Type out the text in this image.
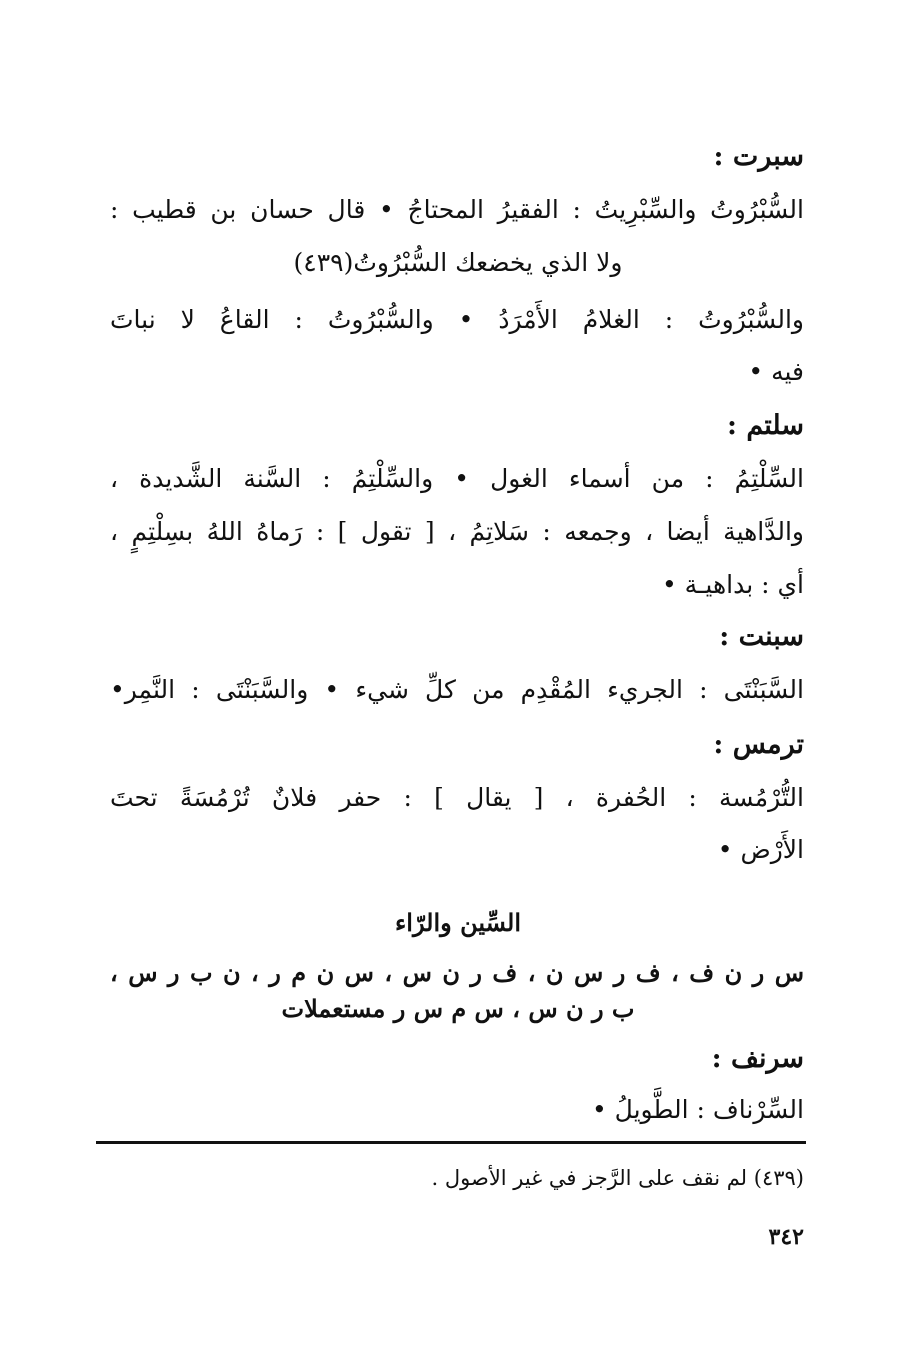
سبرت :
السُّبْرُوتُ والسِّبْرِيتُ : الفقيرُ المحتاجُ • قال حسان بن قطيب :
ولا الذي يخضعك السُّبْرُوتُ(٤٣٩)
والسُّبْرُوتُ : الغلامُ الأَمْرَدُ • والسُّبْرُوتُ : القاعُ لا نباتَ
فيه •
سلتم :
السِّلْتِمُ : من أسماء الغول • والسِّلْتِمُ : السَّنة الشَّديدة ،
والدَّاهية أيضا ، وجمعه : سَلاتِمُ ، [ تقول ] : رَماهُ اللهُ بسِلْتِمٍ ،
أي : بداهيـة •
سبنت :
السَّبَنْتَى : الجريء المُقْدِم من كلِّ شيء • والسَّبَنْتَى : النَّمِر•
ترمس :
التُّرْمُسة : الحُفرة ، [ يقال ] : حفر فلانٌ تُرْمُسَةً تحتَ
الأَرْض •
السِّين والرّاء
س ر ن ف ، ف ر س ن ، ف ر ن س ، س ن م ر ، ن ب ر س ،
ب ر ن س ، س م س ر مستعملات
سرنف :
السِّرْناف : الطَّويلُ •
(٤٣٩) لم نقف على الرَّجز في غير الأصول .
٣٤٢
